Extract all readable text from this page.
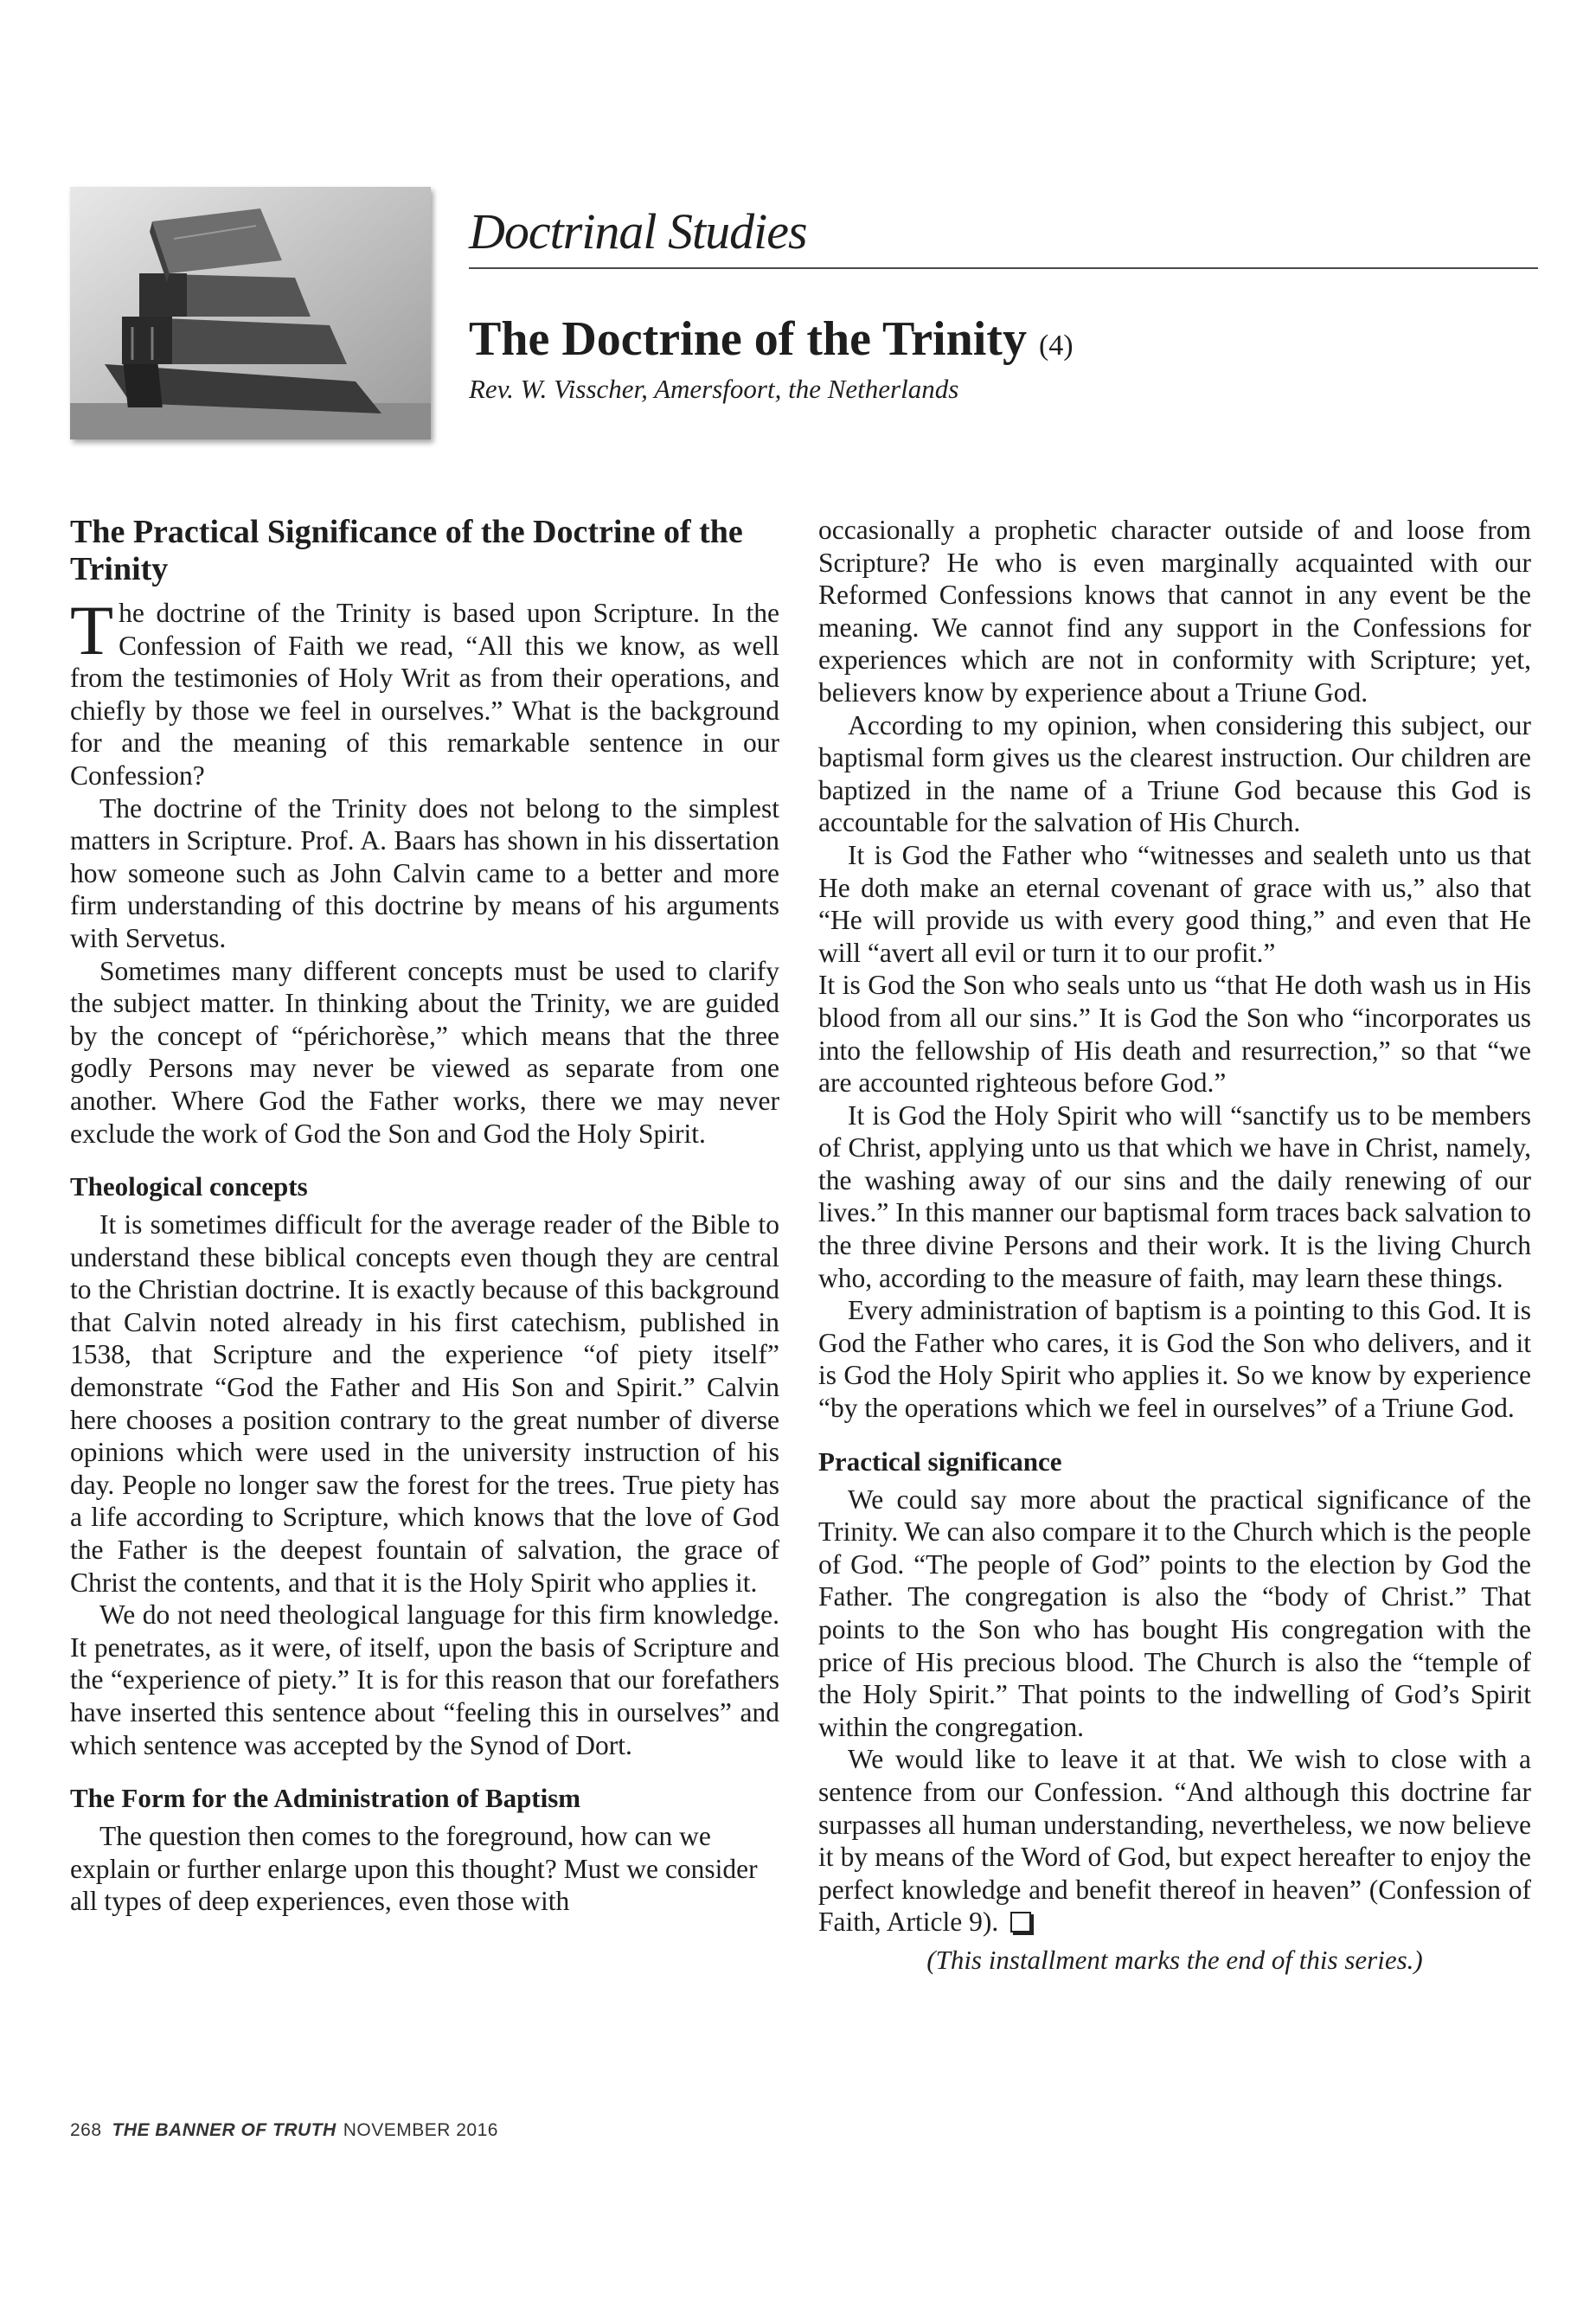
Doctrinal Studies
The Doctrine of the Trinity (4)
Rev. W. Visscher, Amersfoort, the Netherlands
The Practical Significance of the Doctrine of the Trinity

The doctrine of the Trinity is based upon Scripture. In the Confession of Faith we read, “All this we know, as well from the testimonies of Holy Writ as from their operations, and chiefly by those we feel in ourselves.” What is the background for and the meaning of this remarkable sentence in our Confession?

The doctrine of the Trinity does not belong to the simplest matters in Scripture. Prof. A. Baars has shown in his dissertation how someone such as John Calvin came to a better and more firm understanding of this doctrine by means of his arguments with Servetus.

Sometimes many different concepts must be used to clarify the subject matter. In thinking about the Trinity, we are guided by the concept of “périchorèse,” which means that the three godly Persons may never be viewed as separate from one another. Where God the Father works, there we may never exclude the work of God the Son and God the Holy Spirit.

Theological concepts

It is sometimes difficult for the average reader of the Bible to understand these biblical concepts even though they are central to the Christian doctrine. It is exactly because of this background that Calvin noted already in his first catechism, published in 1538, that Scripture and the experience “of piety itself” demonstrate “God the Father and His Son and Spirit.” Calvin here chooses a position contrary to the great number of diverse opinions which were used in the university instruction of his day. People no longer saw the forest for the trees. True piety has a life according to Scripture, which knows that the love of God the Father is the deepest fountain of salvation, the grace of Christ the contents, and that it is the Holy Spirit who applies it.

We do not need theological language for this firm knowledge. It penetrates, as it were, of itself, upon the basis of Scripture and the “experience of piety.” It is for this reason that our forefathers have inserted this sentence about “feeling this in ourselves” and which sentence was accepted by the Synod of Dort.

The Form for the Administration of Baptism

The question then comes to the foreground, how can we explain or further enlarge upon this thought? Must we consider all types of deep experiences, even those with

occasionally a prophetic character outside of and loose from Scripture? He who is even marginally acquainted with our Reformed Confessions knows that cannot in any event be the meaning. We cannot find any support in the Confessions for experiences which are not in conformity with Scripture; yet, believers know by experience about a Triune God.

According to my opinion, when considering this subject, our baptismal form gives us the clearest instruction. Our children are baptized in the name of a Triune God because this God is accountable for the salvation of His Church.

It is God the Father who “witnesses and sealeth unto us that He doth make an eternal covenant of grace with us,” also that “He will provide us with every good thing,” and even that He will “avert all evil or turn it to our profit.”

It is God the Son who seals unto us “that He doth wash us in His blood from all our sins.” It is God the Son who “incorporates us into the fellowship of His death and resurrection,” so that “we are accounted righteous before God.”

It is God the Holy Spirit who will “sanctify us to be members of Christ, applying unto us that which we have in Christ, namely, the washing away of our sins and the daily renewing of our lives.” In this manner our baptismal form traces back salvation to the three divine Persons and their work. It is the living Church who, according to the measure of faith, may learn these things.

Every administration of baptism is a pointing to this God. It is God the Father who cares, it is God the Son who delivers, and it is God the Holy Spirit who applies it. So we know by experience “by the operations which we feel in ourselves” of a Triune God.

Practical significance

We could say more about the practical significance of the Trinity. We can also compare it to the Church which is the people of God. “The people of God” points to the election by God the Father. The congregation is also the “body of Christ.” That points to the Son who has bought His congregation with the price of His precious blood. The Church is also the “temple of the Holy Spirit.” That points to the indwelling of God’s Spirit within the congregation.

We would like to leave it at that. We wish to close with a sentence from our Confession. “And although this doctrine far surpasses all human understanding, nevertheless, we now believe it by means of the Word of God, but expect hereafter to enjoy the perfect knowledge and benefit thereof in heaven” (Confession of Faith, Article 9).

(This installment marks the end of this series.)
268 THE BANNER OF TRUTH NOVEMBER 2016
